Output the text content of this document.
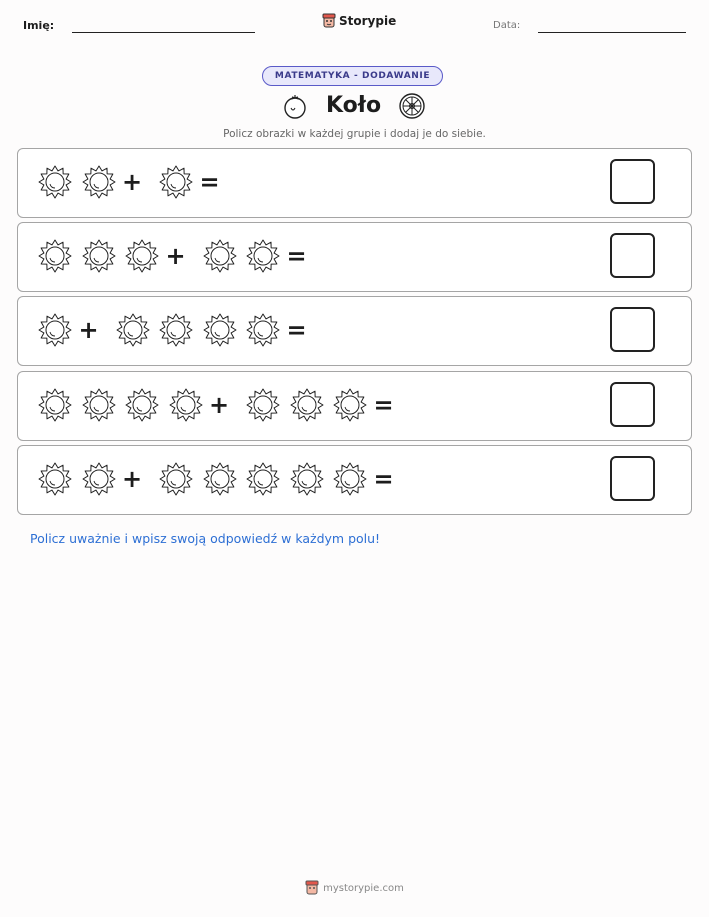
Imię:	Storypie	Data:
MATEMATYKA - DODAWANIE
Koło
Policz obrazki w każdej grupie i dodaj je do siebie.
+ =
+	=
+	=
+	=
+	=
Policz uważnie i wpisz swoją odpowiedź w każdym polu!
mystorypie.com
